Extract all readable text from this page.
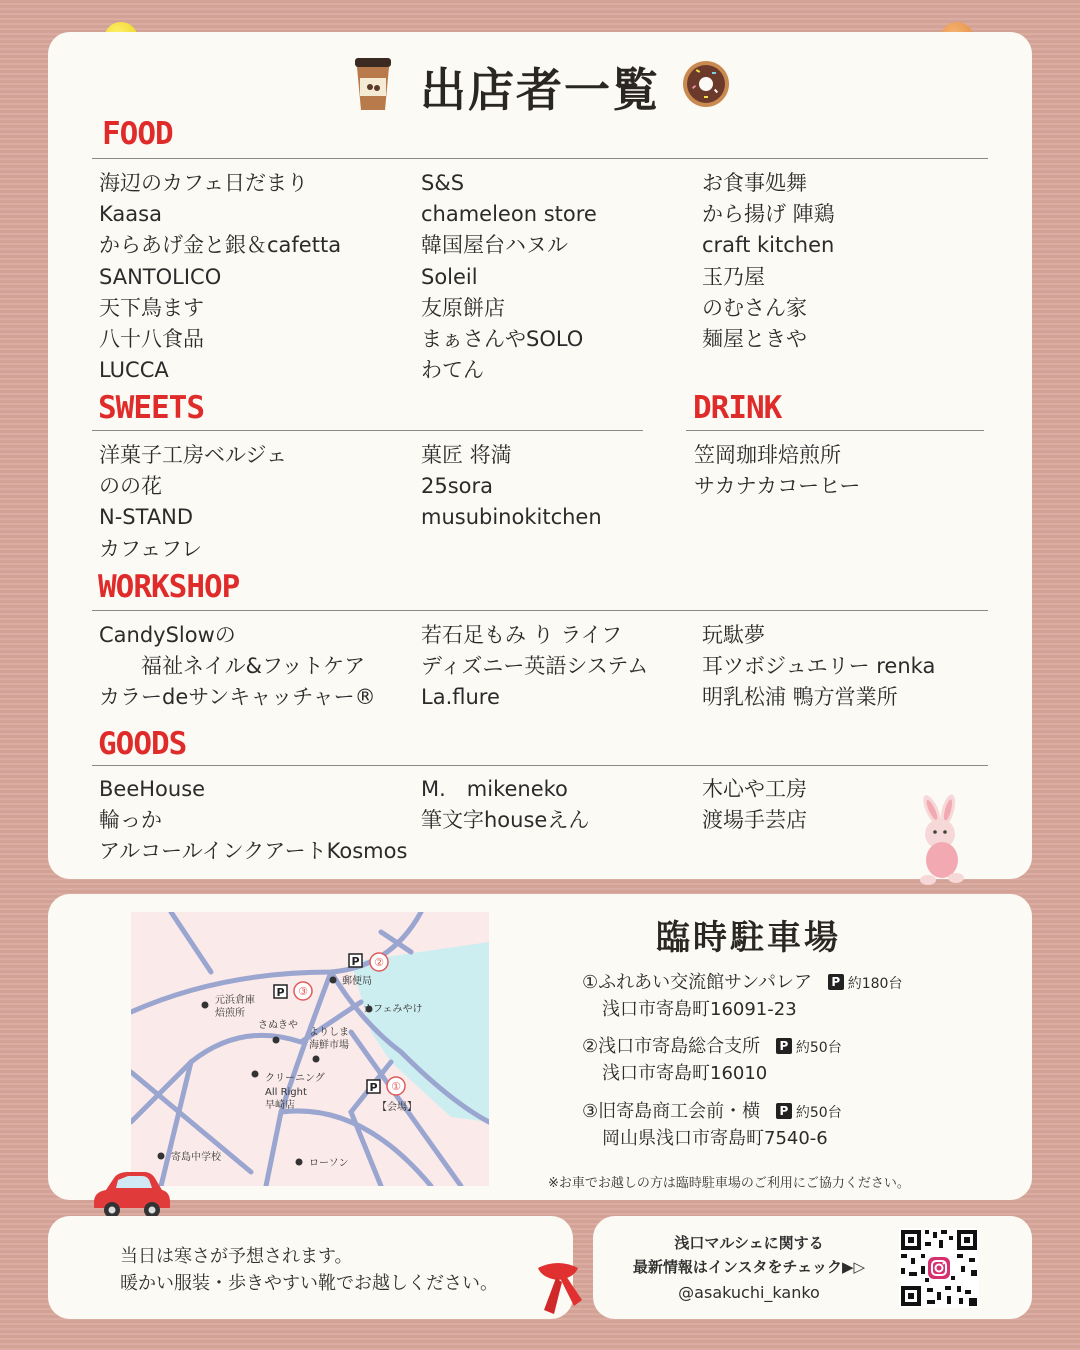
出店者一覧
FOOD
海辺のカフェ日だまり
Kaasa
からあげ金と銀＆cafetta
SANTOLICO
天下鳥ます
八十八食品
LUCCA
S&S
chameleon store
韓国屋台ハヌル
Soleil
友原餅店
まぁさんやSOLO
わてん
お食事処舞
から揚げ 陣鶏
craft kitchen
玉乃屋
のむさん家
麺屋ときや
SWEETS
洋菓子工房ベルジェ
のの花
N-STAND
カフェフレ
菓匠 将満
25sora
musubinokitchen
DRINK
笠岡珈琲焙煎所
サカナカコーヒー
WORKSHOP
CandySlowの
　　福祉ネイル&フットケア
カラーdeサンキャッチャー®
若石足もみ り ライフ
ディズニー英語システム
La.flure
玩駄夢
耳ツボジュエリー renka
明乳松浦 鴨方営業所
GOODS
BeeHouse
輪っか
アルコールインクアートKosmos
M.　mikeneko
筆文字houseえん
木心や工房
渡場手芸店
P ①
P ②
P ③
元浜倉庫
焙煎所
郵便局
カフェみやけ
さぬきや
よりしま
海鮮市場
クリーニング
All Right
早崎店	【会場】
寄島中学校
ローソン
臨時駐車場
①ふれあい交流館サンパレア P 約180台
浅口市寄島町16091-23
②浅口市寄島総合支所 P 約50台
浅口市寄島町16010
③旧寄島商工会前・横 P 約50台
岡山県浅口市寄島町7540-6
※お車でお越しの方は臨時駐車場のご利用にご協力ください。
当日は寒さが予想されます。
暖かい服装・歩きやすい靴でお越しください。
浅口マルシェに関する
最新情報はインスタをチェック▶▷
@asakuchi_kanko
